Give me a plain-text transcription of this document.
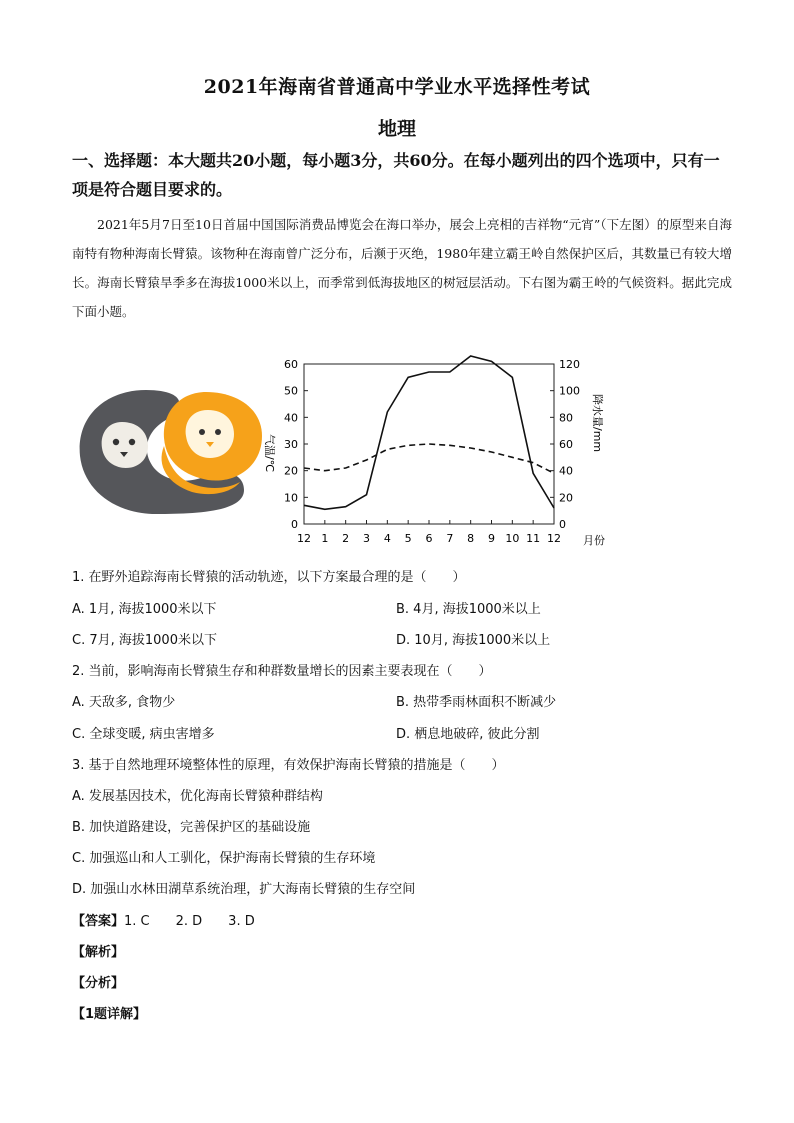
2021年海南省普通高中学业水平选择性考试
地理
一、选择题：本大题共20小题，每小题3分，共60分。在每小题列出的四个选项中，只有一项是符合题目要求的。
2021年5月7日至10日首届中国国际消费品博览会在海口举办，展会上亮相的吉祥物“元宵”（下左图）的原型来自海南特有物种海南长臂猿。该物种在海南曾广泛分布，后濒于灭绝，1980年建立霸王岭自然保护区后，其数量已有较大增长。海南长臂猿旱季多在海拔1000米以上，而季常到低海拔地区的树冠层活动。下右图为霸王岭的气候资料。据此完成下面小题。
0
10
20
30
40
50
60
0
20
40
60
80
100
120
12 1 2 3 4 5 6 7 8 9 10 11 12
气温/℃
降水量/mm
月份
1. 在野外追踪海南长臂猿的活动轨迹，以下方案最合理的是（　　）
A. 1月, 海拔1000米以下	B. 4月, 海拔1000米以上
C. 7月, 海拔1000米以下	D. 10月, 海拔1000米以上
2. 当前，影响海南长臂猿生存和种群数量增长的因素主要表现在（　　）
A. 天敌多, 食物少	B. 热带季雨林面积不断减少
C. 全球变暖, 病虫害增多	D. 栖息地破碎, 彼此分割
3. 基于自然地理环境整体性的原理，有效保护海南长臂猿的措施是（　　）
A. 发展基因技术，优化海南长臂猿种群结构
B. 加快道路建设，完善保护区的基础设施
C. 加强巡山和人工驯化，保护海南长臂猿的生存环境
D. 加强山水林田湖草系统治理，扩大海南长臂猿的生存空间
【答案】1. C　　2. D　　3. D
【解析】
【分析】
【1题详解】
